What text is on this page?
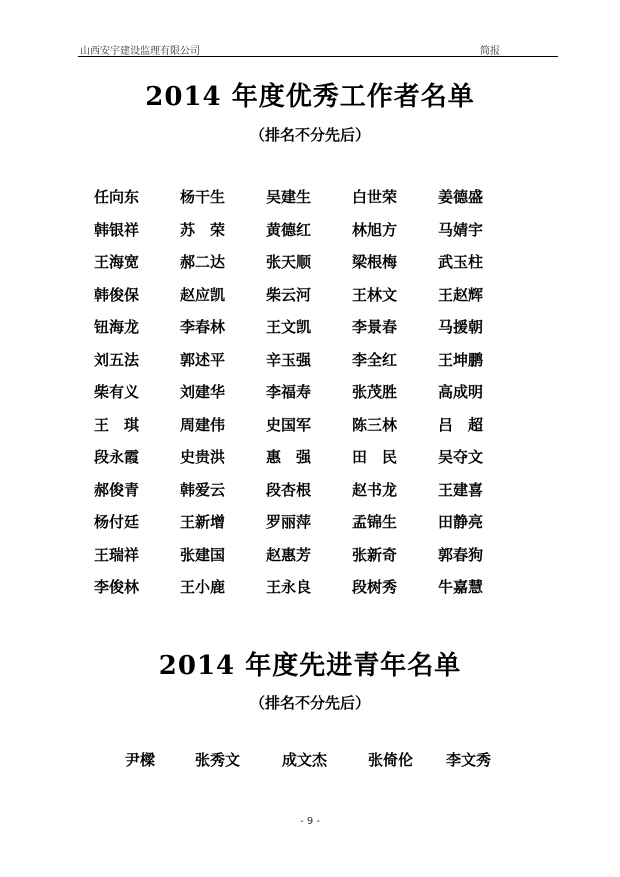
山西安宇建设监理有限公司	简报
2014 年度优秀工作者名单
（排名不分先后）
任向东	杨干生	吴建生	白世荣	姜德盛
韩银祥	苏　荣	黄德红	林旭方	马婧宇
王海宽	郝二达	张天顺	梁根梅	武玉柱
韩俊保	赵应凯	柴云河	王林文	王赵辉
钮海龙	李春林	王文凯	李景春	马援朝
刘五法	郭述平	辛玉强	李全红	王坤鹏
柴有义	刘建华	李福寿	张茂胜	高成明
王　琪	周建伟	史国军	陈三林	吕　超
段永霞	史贵洪	惠　强	田　民	吴夺文
郝俊青	韩爱云	段杏根	赵书龙	王建喜
杨付廷	王新增	罗丽萍	孟锦生	田静亮
王瑞祥	张建国	赵惠芳	张新奇	郭春狗
李俊林	王小鹿	王永良	段树秀	牛嘉慧
2014 年度先进青年名单
（排名不分先后）
尹樑	张秀文	成文杰	张倚伦 李文秀
- 9 -
